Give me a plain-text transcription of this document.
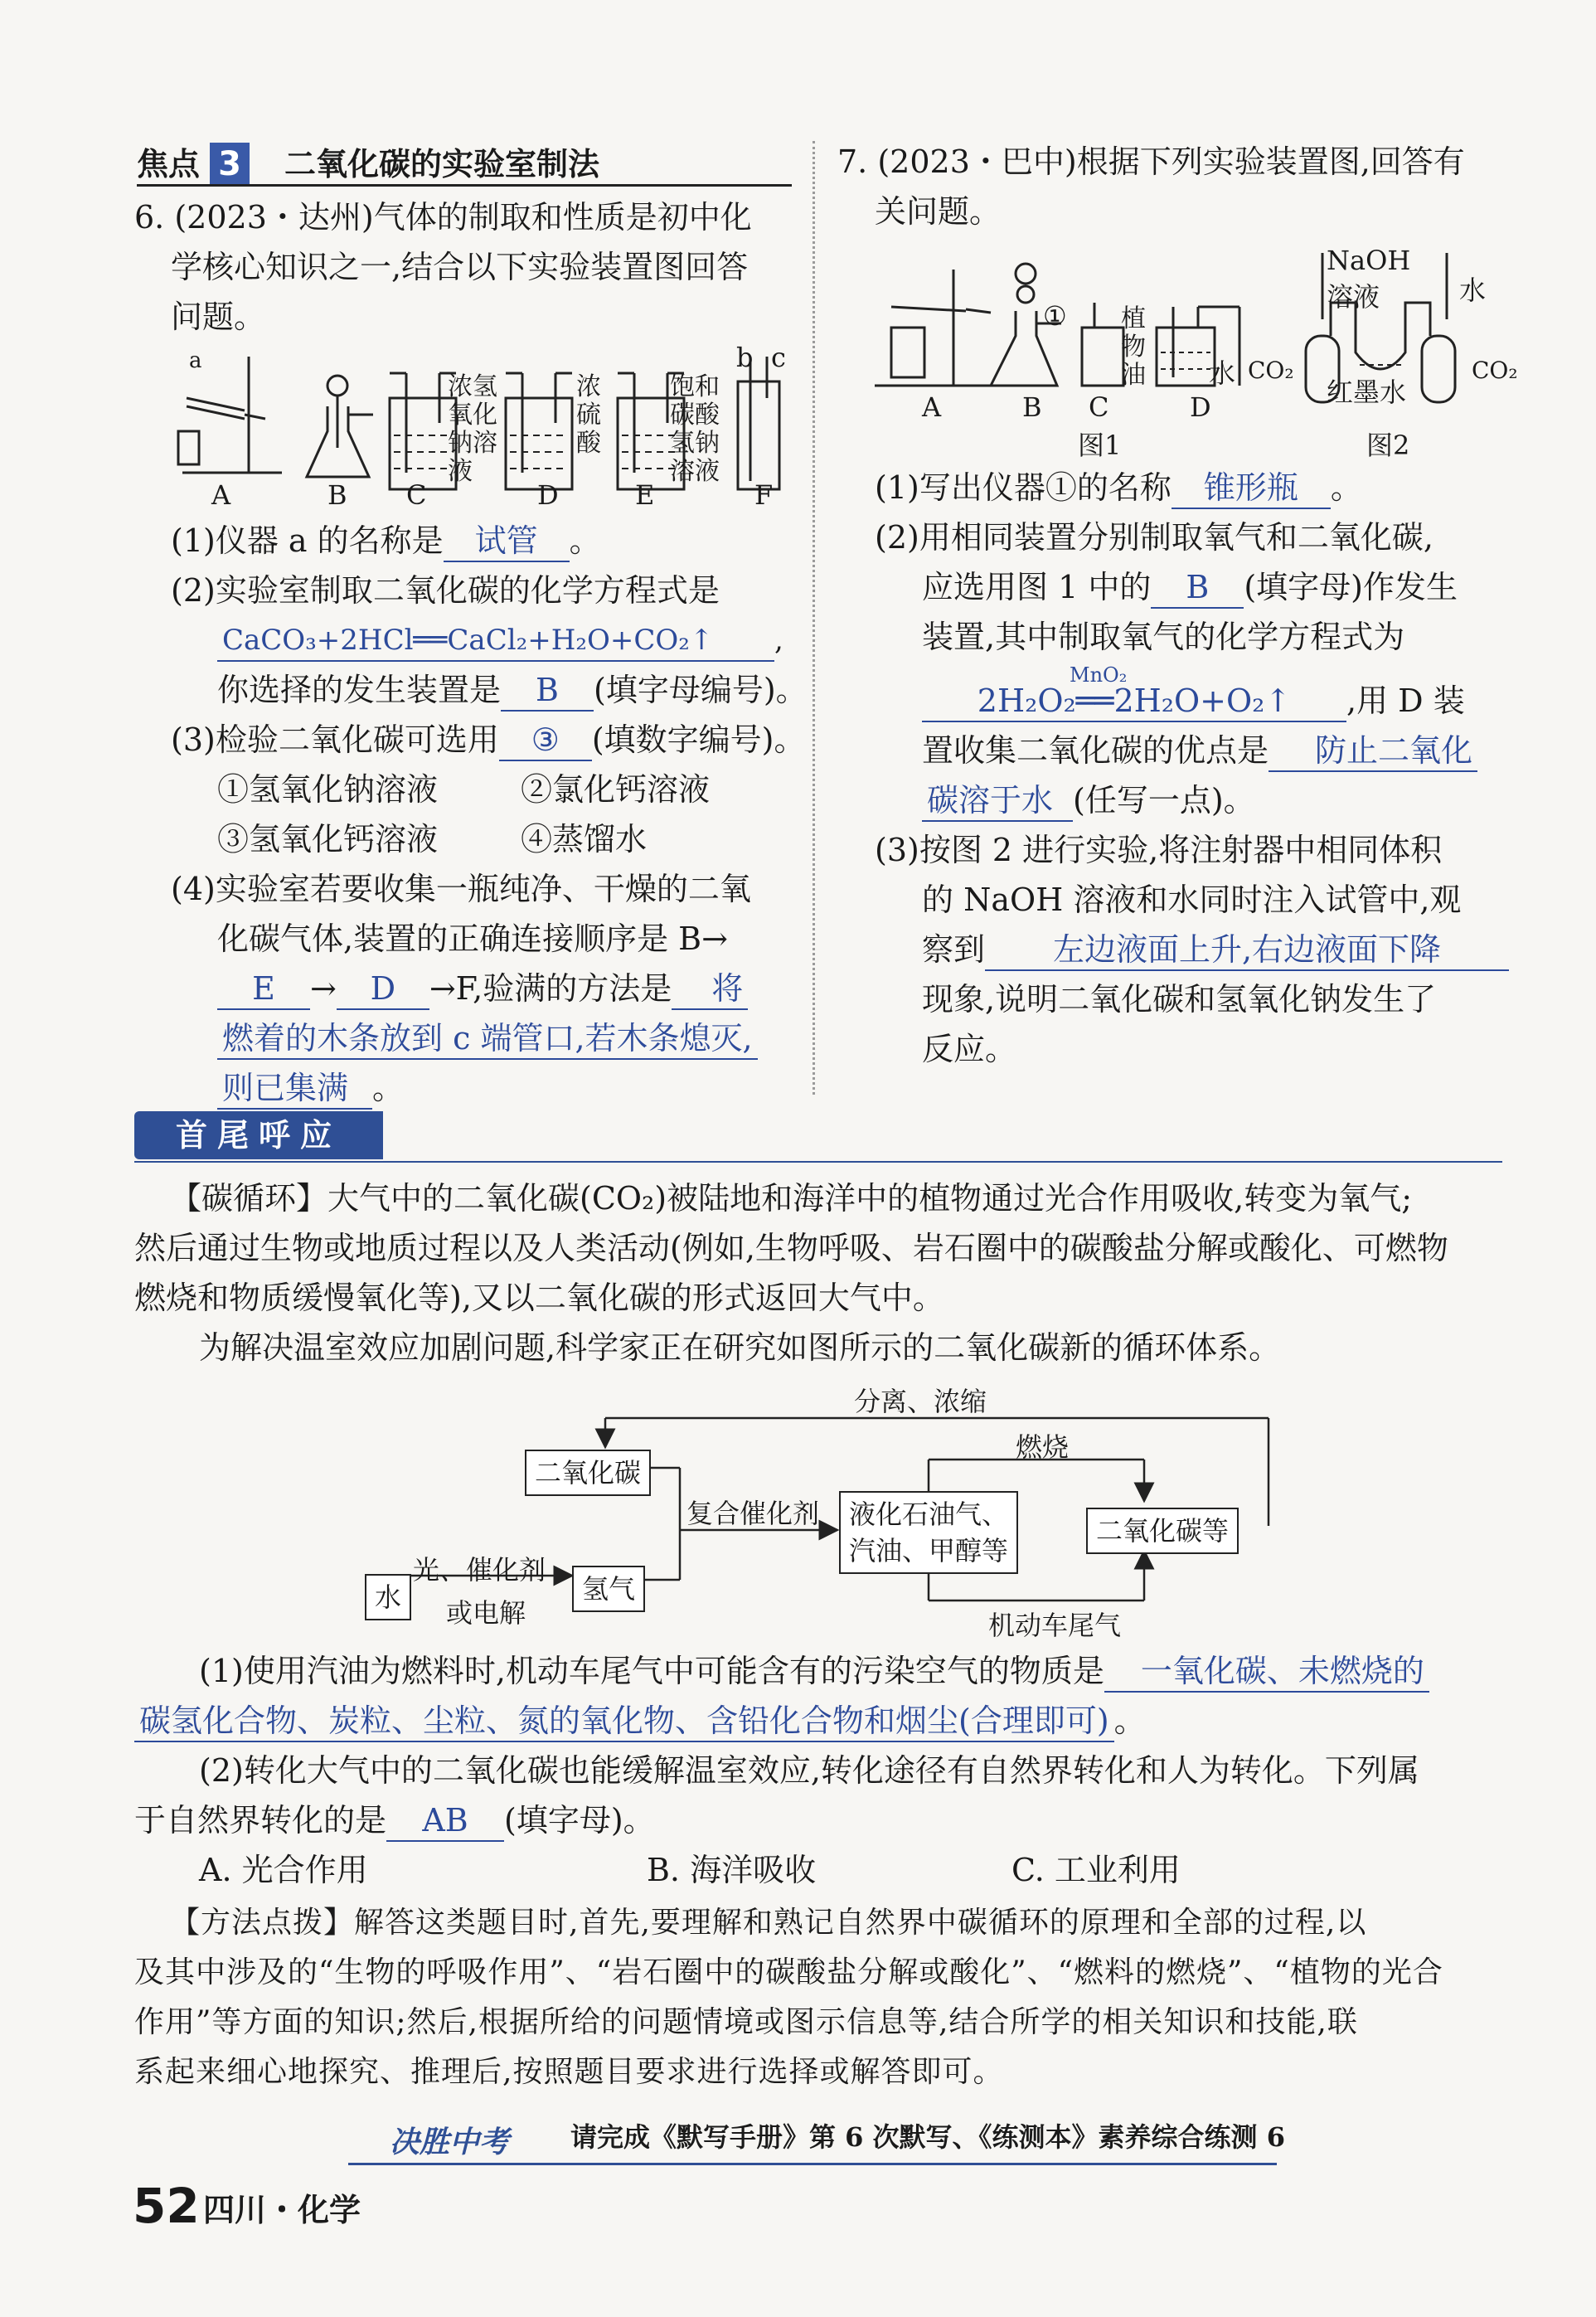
焦点 3 二氧化碳的实验室制法
6. (2023・达州)气体的制取和性质是初中化
学核心知识之一,结合以下实验装置图回答
问题。
a	b c
浓氢氧化钠溶液
浓硫酸
饱和碳酸氢钠溶液
A	B C	D	E	F
(1)仪器 a 的名称是 试管 。
(2)实验室制取二氧化碳的化学方程式是
CaCO₃+2HCl══CaCl₂+H₂O+CO₂↑ ,
你选择的发生装置是 B (填字母编号)。
(3)检验二氧化碳可选用 ③ (填数字编号)。
①氢氧化钠溶液	②氯化钙溶液
③氢氧化钙溶液	④蒸馏水
(4)实验室若要收集一瓶纯净、干燥的二氧
化碳气体,装置的正确连接顺序是 B→
E → D →F,验满的方法是 将
燃着的木条放到 c 端管口,若木条熄灭,
则已集满 。
7. (2023・巴中)根据下列实验装置图,回答有
关问题。
① 植物油 水 CO₂
NaOH
溶液	水
红墨水
CO₂
A	B C	D
图1	图2
(1)写出仪器①的名称 锥形瓶 。
(2)用相同装置分别制取氧气和二氧化碳,
应选用图 1 中的 B (填字母)作发生
装置,其中制取氧气的化学方程式为
MnO₂
2H₂O₂══2H₂O+O₂↑ ,用 D 装
置收集二氧化碳的优点是 防止二氧化
碳溶于水 (任写一点)。
(3)按图 2 进行实验,将注射器中相同体积
的 NaOH 溶液和水同时注入试管中,观
察到 左边液面上升,右边液面下降
现象,说明二氧化碳和氢氧化钠发生了
反应。
首尾呼应
【碳循环】大气中的二氧化碳(CO₂)被陆地和海洋中的植物通过光合作用吸收,转变为氧气;
然后通过生物或地质过程以及人类活动(例如,生物呼吸、岩石圈中的碳酸盐分解或酸化、可燃物
燃烧和物质缓慢氧化等),又以二氧化碳的形式返回大气中。
为解决温室效应加剧问题,科学家正在研究如图所示的二氧化碳新的循环体系。
分离、浓缩
二氧化碳
复合催化剂 液化石油气、
汽油、甲醇等
燃烧
二氧化碳等
水
光、催化剂
或电解
氢气
机动车尾气
(1)使用汽油为燃料时,机动车尾气中可能含有的污染空气的物质是 一氧化碳、未燃烧的
碳氢化合物、炭粒、尘粒、氮的氧化物、含铅化合物和烟尘(合理即可) 。
(2)转化大气中的二氧化碳也能缓解温室效应,转化途径有自然界转化和人为转化。下列属
于自然界转化的是 AB (填字母)。
A. 光合作用	B. 海洋吸收	C. 工业利用
【方法点拨】解答这类题目时,首先,要理解和熟记自然界中碳循环的原理和全部的过程,以
及其中涉及的“生物的呼吸作用”、“岩石圈中的碳酸盐分解或酸化”、“燃料的燃烧”、“植物的光合
作用”等方面的知识;然后,根据所给的问题情境或图示信息等,结合所学的相关知识和技能,联
系起来细心地探究、推理后,按照题目要求进行选择或解答即可。
决胜中考 请完成《默写手册》第 6 次默写、《练测本》素养综合练测 6
52 四川・化学
